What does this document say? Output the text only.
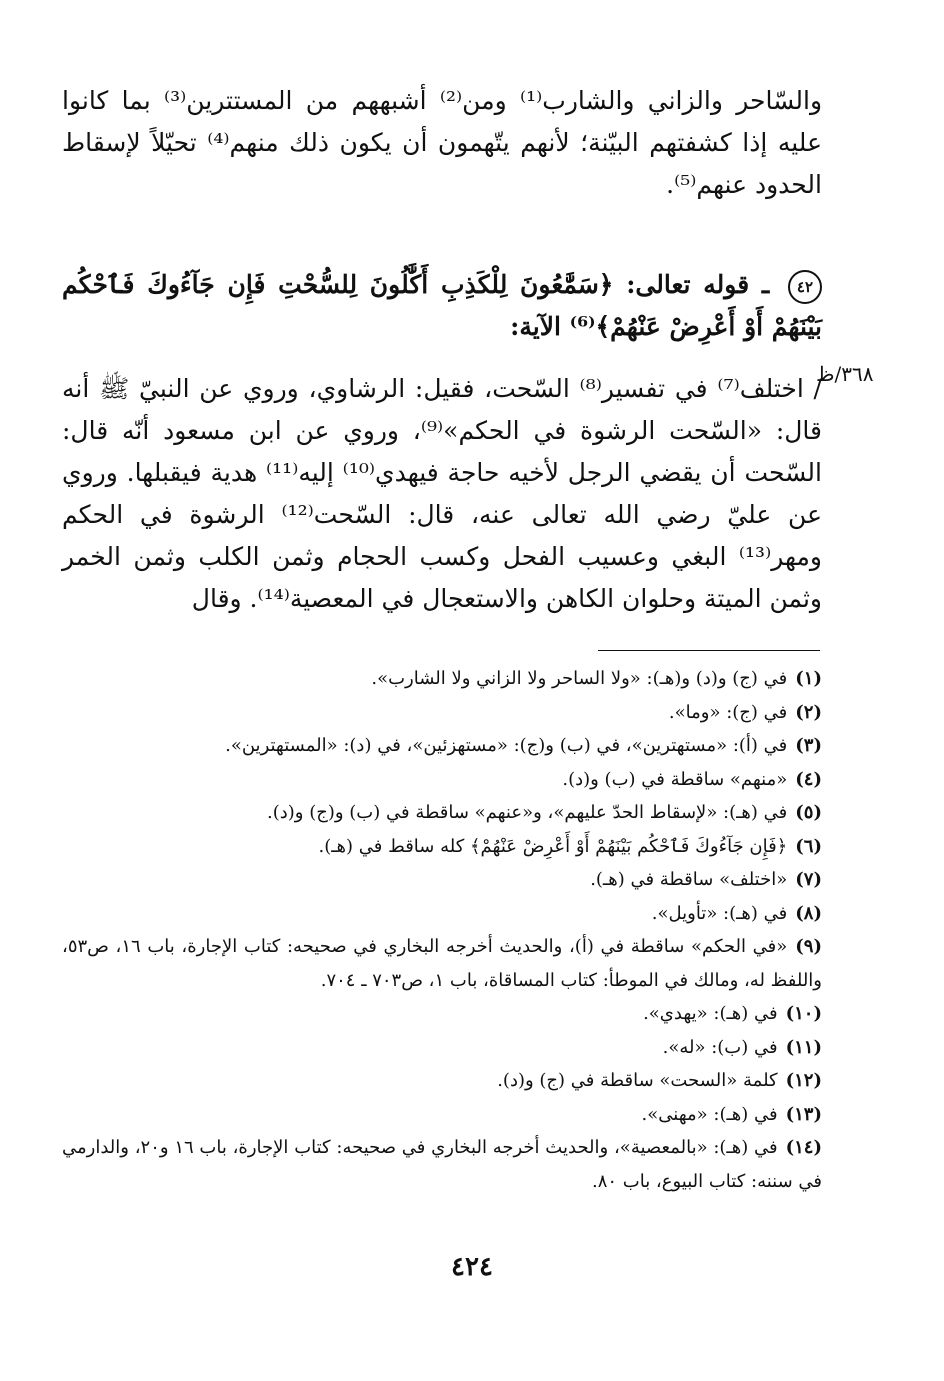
والسّاحر والزاني والشارب⁽¹⁾ ومن⁽²⁾ أشبههم من المستترين⁽³⁾ بما كانوا عليه إذا كشفتهم البيّنة؛ لأنهم يتّهمون أن يكون ذلك منهم⁽⁴⁾ تحيّلاً لإسقاط الحدود عنهم⁽⁵⁾.

٤٢ ـ قوله تعالى: ﴿سَمَّٰعُونَ لِلْكَذِبِ أَكَّٰلُونَ لِلسُّحْتِ فَإِن جَآءُوكَ فَٱحْكُم بَيْنَهُمْ أَوْ أَعْرِضْ عَنْهُمْ﴾⁽⁶⁾ الآية:

/ اختلف⁽⁷⁾ في تفسير⁽⁸⁾ السّحت، فقيل: الرشاوي، وروي عن النبيّ ﷺ أنه قال: «السّحت الرشوة في الحكم»⁽⁹⁾، وروي عن ابن مسعود أنّه قال: السّحت أن يقضي الرجل لأخيه حاجة فيهدي⁽¹⁰⁾ إليه⁽¹¹⁾ هدية فيقبلها. وروي عن عليّ رضي الله تعالى عنه، قال: السّحت⁽¹²⁾ الرشوة في الحكم ومهر⁽¹³⁾ البغي وعسيب الفحل وكسب الحجام وثمن الكلب وثمن الخمر وثمن الميتة وحلوان الكاهن والاستعجال في المعصية⁽¹⁴⁾. وقال

٣٦٨/ظ

(١)في (ج) و(د) و(هـ): «ولا الساحر ولا الزاني ولا الشارب».

(٢)في (ج): «وما».

(٣)في (أ): «مستهترين»، في (ب) و(ج): «مستهزئين»، في (د): «المستهترين».

(٤)«منهم» ساقطة في (ب) و(د).

(٥)في (هـ): «لإسقاط الحدّ عليهم»، و«عنهم» ساقطة في (ب) و(ج) و(د).

(٦)﴿فَإِن جَآءُوكَ فَٱحْكُم بَيْنَهُمْ أَوْ أَعْرِضْ عَنْهُمْ﴾ كله ساقط في (هـ).

(٧)«اختلف» ساقطة في (هـ).

(٨)في (هـ): «تأويل».

(٩)«في الحكم» ساقطة في (أ)، والحديث أخرجه البخاري في صحيحه: كتاب الإجارة، باب ١٦، ص٥٣، واللفظ له، ومالك في الموطأ: كتاب المساقاة، باب ١، ص٧٠٣ ـ ٧٠٤.

(١٠)في (هـ): «يهدي».

(١١)في (ب): «له».

(١٢)كلمة «السحت» ساقطة في (ج) و(د).

(١٣)في (هـ): «مهنى».

(١٤)في (هـ): «بالمعصية»، والحديث أخرجه البخاري في صحيحه: كتاب الإجارة، باب ١٦ و٢٠، والدارمي في سننه: كتاب البيوع، باب ٨٠.

٤٢٤
